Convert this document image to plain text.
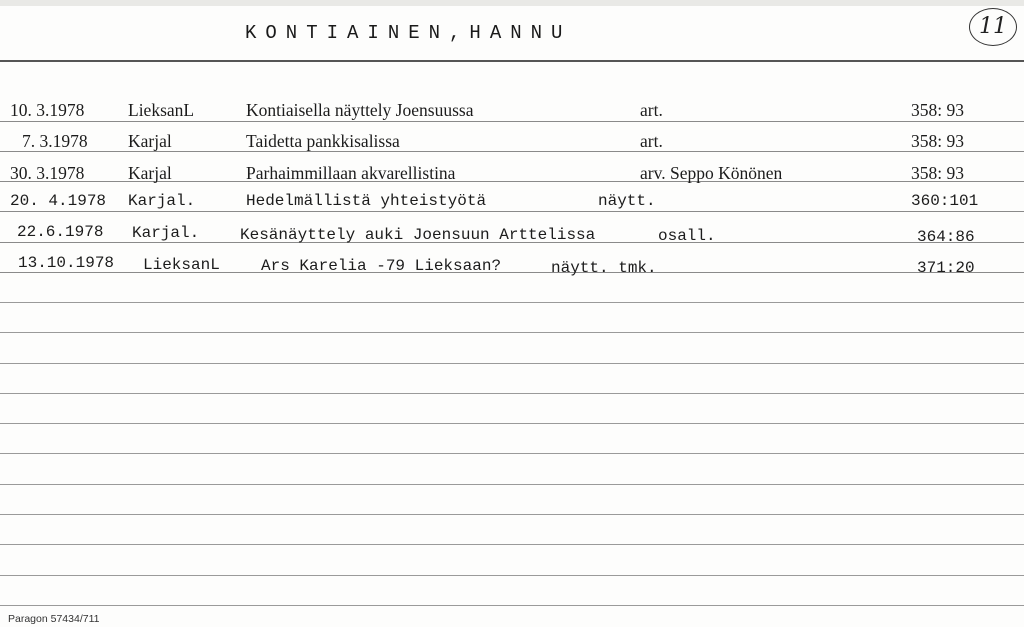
KONTIAINEN,HANNU	11
10. 3.1978 LieksanL	Kontiaisella näyttely Joensuussa	art.	358: 93
7. 3.1978 Karjal	Taidetta pankkisalissa	art.	358: 93
30. 3.1978 Karjal	Parhaimmillaan akvarellistina	arv. Seppo Könönen	358: 93
20. 4.1978 Karjal.	Hedelmällistä yhteistyötä	näytt.	360:101
22.6.1978 Karjal.	Kesänäyttely auki Joensuun Arttelissa	osall.	364:86
13.10.1978 LieksanL	Ars Karelia -79 Lieksaan?	näytt. tmk.	371:20
Paragon 57434/711
